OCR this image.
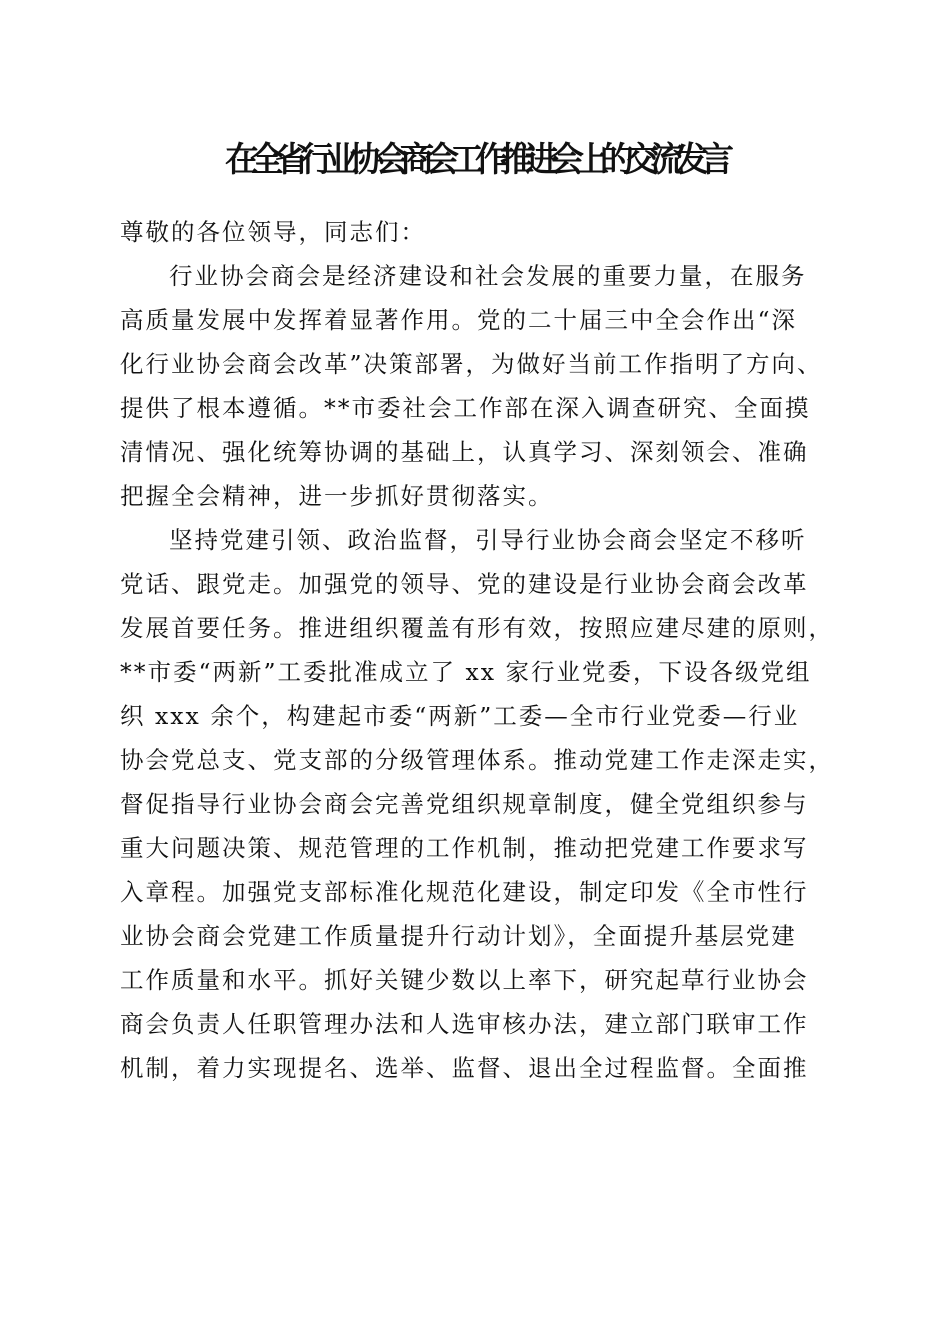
在全省行业协会商会工作推进会上的交流发言
尊敬的各位领导，同志们：
行业协会商会是经济建设和社会发展的重要力量，在服务
高质量发展中发挥着显著作用。党的二十届三中全会作出“深
化行业协会商会改革”决策部署，为做好当前工作指明了方向、
提供了根本遵循。**市委社会工作部在深入调查研究、全面摸
清情况、强化统筹协调的基础上，认真学习、深刻领会、准确
把握全会精神，进一步抓好贯彻落实。
坚持党建引领、政治监督，引导行业协会商会坚定不移听
党话、跟党走。加强党的领导、党的建设是行业协会商会改革
发展首要任务。推进组织覆盖有形有效，按照应建尽建的原则，
**市委“两新”工委批准成立了 xx 家行业党委，下设各级党组
织 xxx 余个，构建起市委“两新”工委—全市行业党委—行业
协会党总支、党支部的分级管理体系。推动党建工作走深走实，
督促指导行业协会商会完善党组织规章制度，健全党组织参与
重大问题决策、规范管理的工作机制，推动把党建工作要求写
入章程。加强党支部标准化规范化建设，制定印发《全市性行
业协会商会党建工作质量提升行动计划》，全面提升基层党建
工作质量和水平。抓好关键少数以上率下，研究起草行业协会
商会负责人任职管理办法和人选审核办法，建立部门联审工作
机制，着力实现提名、选举、监督、退出全过程监督。全面推
